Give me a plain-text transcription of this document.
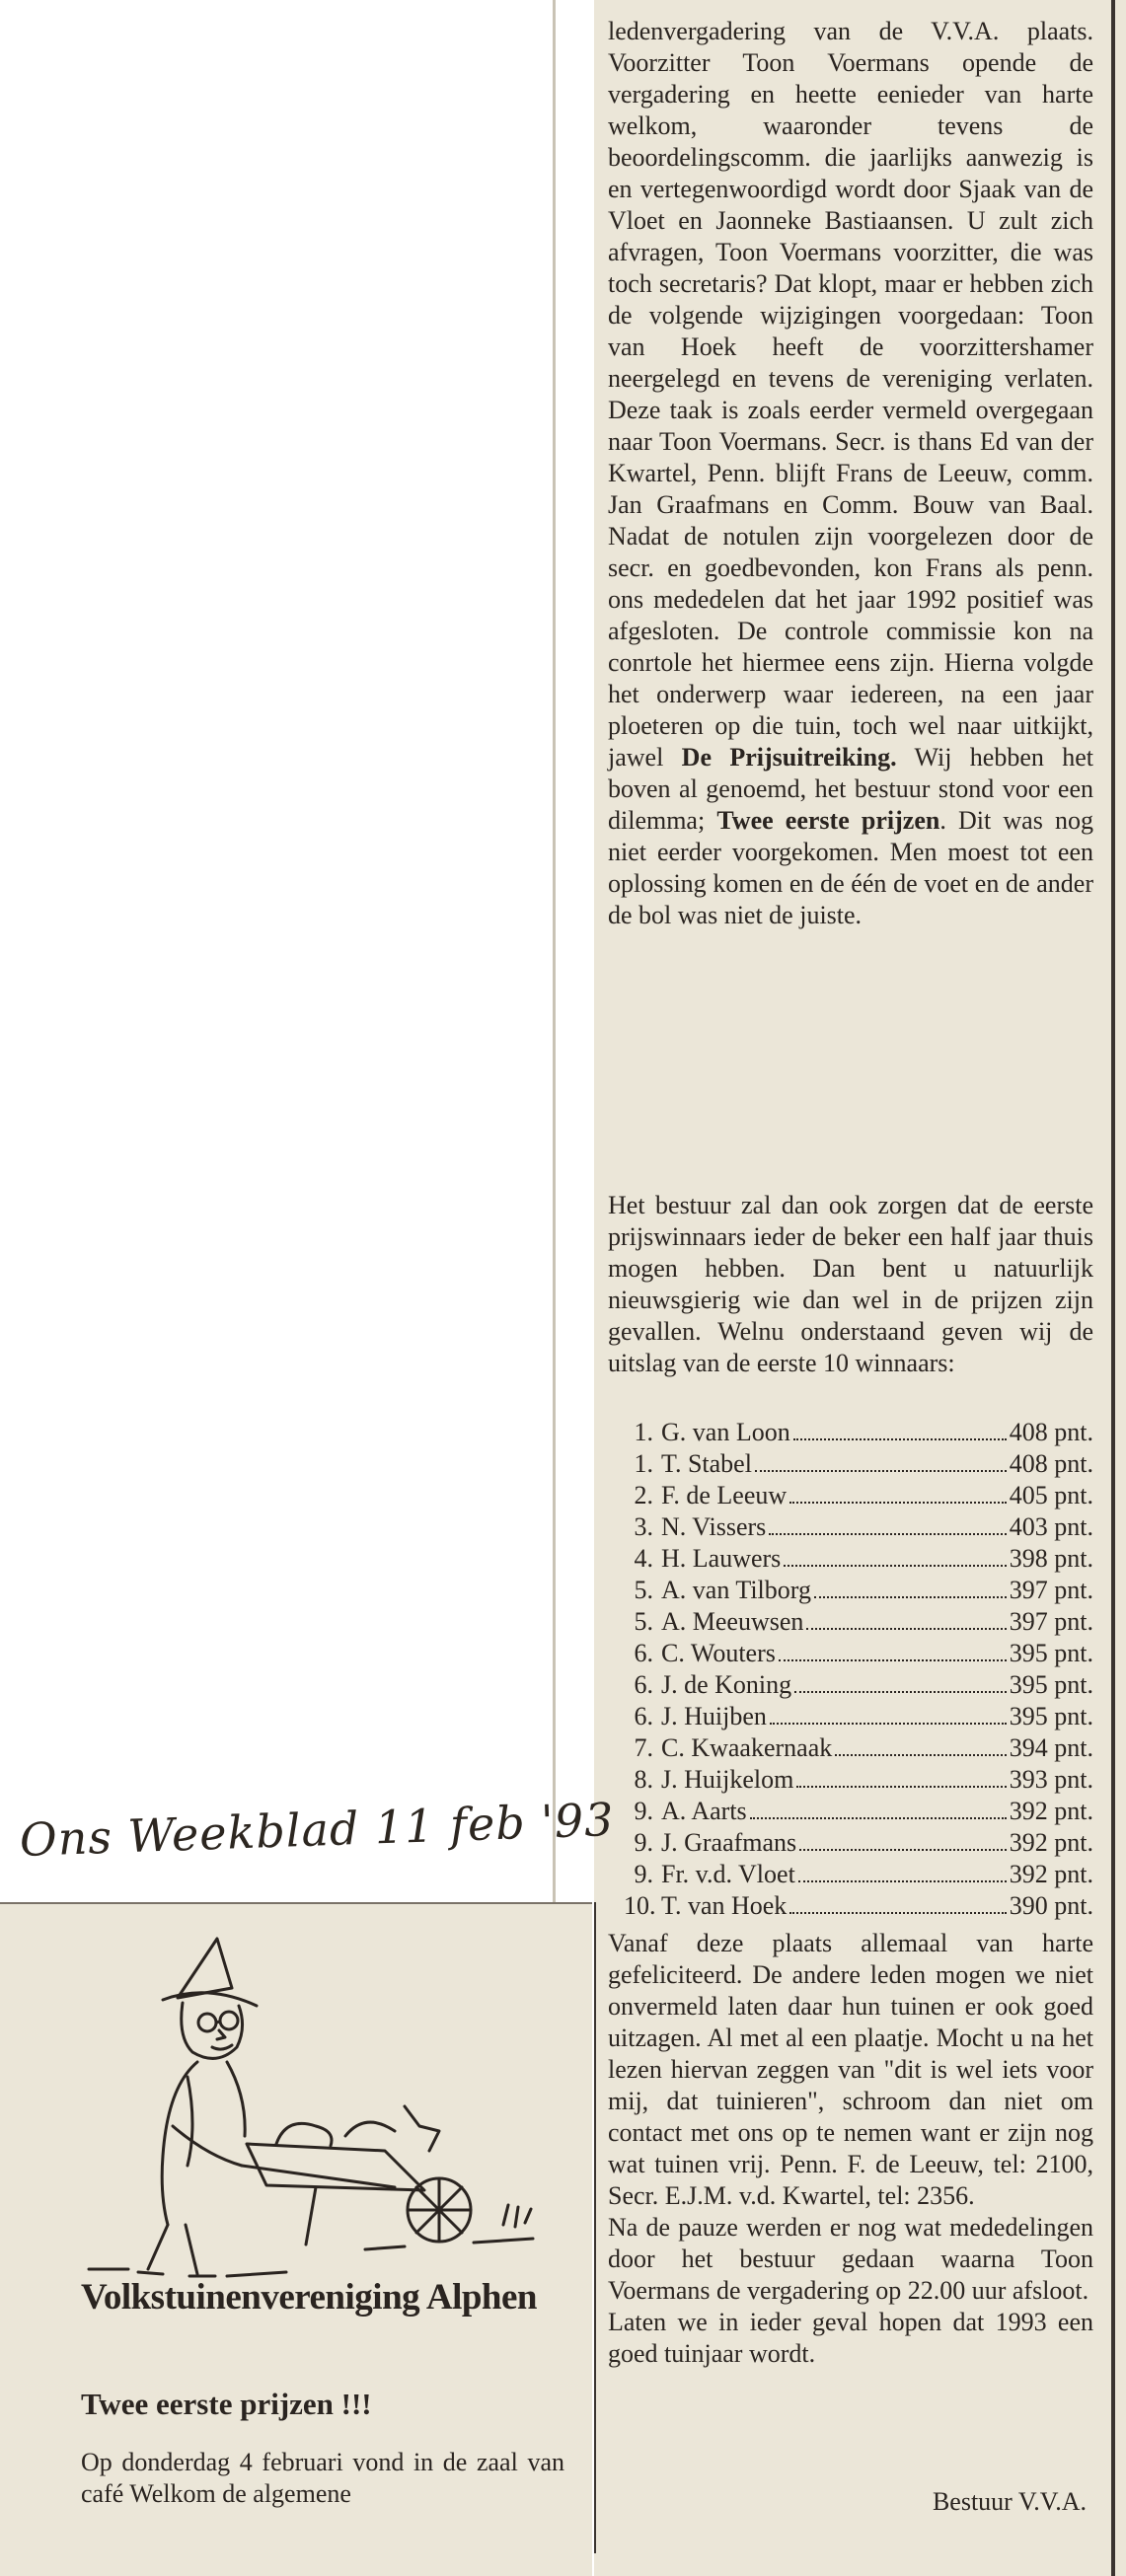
Ons Weekblad 11 feb '93

Volkstuinenvereniging Alphen
Twee eerste prijzen !!!

Op donderdag 4 februari vond in de zaal van café Welkom de algemene

ledenvergadering van de V.V.A. plaats. Voorzitter Toon Voermans opende de vergadering en heette eenieder van harte welkom, waaronder tevens de beoordelingscomm. die jaarlijks aanwezig is en vertegenwoordigd wordt door Sjaak van de Vloet en Jaonneke Bastiaansen. U zult zich afvragen, Toon Voermans voorzitter, die was toch secretaris? Dat klopt, maar er hebben zich de volgende wijzigingen voorgedaan: Toon van Hoek heeft de voorzittershamer neergelegd en tevens de vereniging verlaten. Deze taak is zoals eerder vermeld overgegaan naar Toon Voermans. Secr. is thans Ed van der Kwartel, Penn. blijft Frans de Leeuw, comm. Jan Graafmans en Comm. Bouw van Baal. Nadat de notulen zijn voorgelezen door de secr. en goedbevonden, kon Frans als penn. ons mededelen dat het jaar 1992 positief was afgesloten. De controle commissie kon na conrtole het hiermee eens zijn. Hierna volgde het onderwerp waar iedereen, na een jaar ploeteren op die tuin, toch wel naar uitkijkt, jawel De Prijsuitreiking. Wij hebben het boven al genoemd, het bestuur stond voor een dilemma; Twee eerste prijzen. Dit was nog niet eerder voorgekomen. Men moest tot een oplossing komen en de één de voet en de ander de bol was niet de juiste.

Het bestuur zal dan ook zorgen dat de eerste prijswinnaars ieder de beker een half jaar thuis mogen hebben. Dan bent u natuurlijk nieuwsgierig wie dan wel in de prijzen zijn gevallen. Welnu onderstaand geven wij de uitslag van de eerste 10 winnaars:

1. G. van Loon	408 pnt.
1. T. Stabel	408 pnt.
2. F. de Leeuw	405 pnt.
3. N. Vissers	403 pnt.
4. H. Lauwers	398 pnt.
5. A. van Tilborg	397 pnt.
5. A. Meeuwsen	397 pnt.
6. C. Wouters	395 pnt.
6. J. de Koning	395 pnt.
6. J. Huijben	395 pnt.
7. C. Kwaakernaak	394 pnt.
8. J. Huijkelom	393 pnt.
9. A. Aarts	392 pnt.
9. J. Graafmans	392 pnt.
9. Fr. v.d. Vloet	392 pnt.
10. T. van Hoek	390 pnt.

Vanaf deze plaats allemaal van harte gefeliciteerd. De andere leden mogen we niet onvermeld laten daar hun tuinen er ook goed uitzagen. Al met al een plaatje. Mocht u na het lezen hiervan zeggen van "dit is wel iets voor mij, dat tuinieren", schroom dan niet om contact met ons op te nemen want er zijn nog wat tuinen vrij. Penn. F. de Leeuw, tel: 2100, Secr. E.J.M. v.d. Kwartel, tel: 2356.

Na de pauze werden er nog wat mededelingen door het bestuur gedaan waarna Toon Voermans de vergadering op 22.00 uur afsloot.

Laten we in ieder geval hopen dat 1993 een goed tuinjaar wordt.

Bestuur V.V.A.
